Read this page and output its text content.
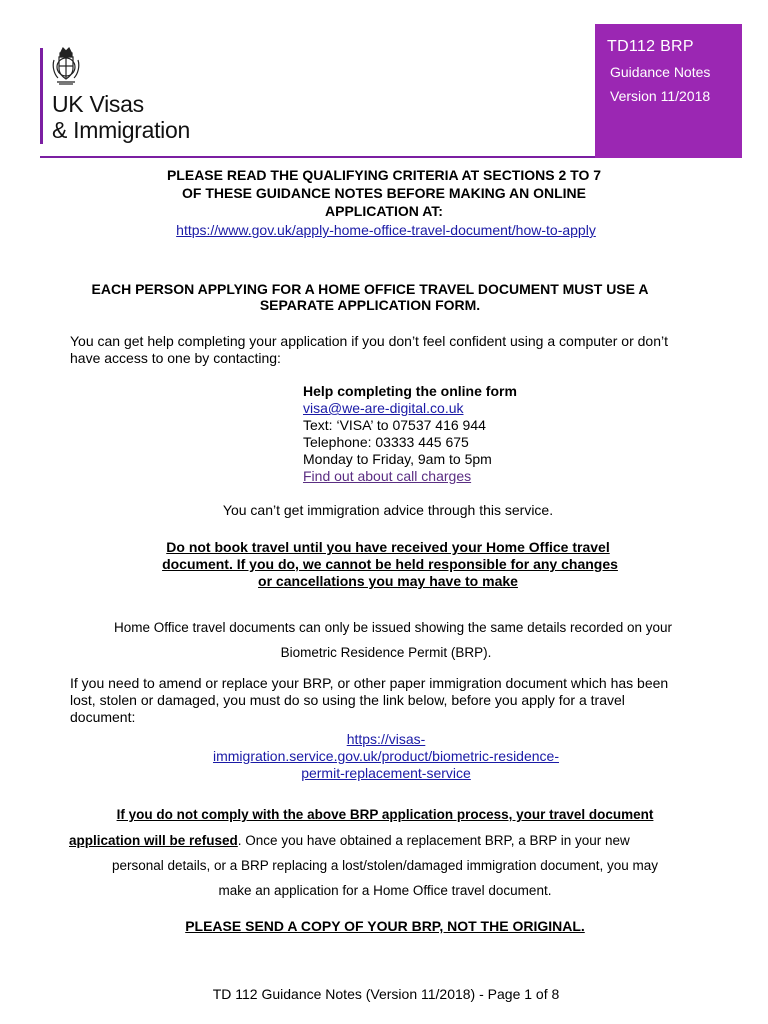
UK Visas
& Immigration
TD112 BRP
Guidance Notes
Version 11/2018
PLEASE READ THE QUALIFYING CRITERIA AT SECTIONS 2 TO 7
OF THESE GUIDANCE NOTES BEFORE MAKING AN ONLINE
APPLICATION AT:
https://www.gov.uk/apply-home-office-travel-document/how-to-apply
EACH PERSON APPLYING FOR A HOME OFFICE TRAVEL DOCUMENT MUST USE A
SEPARATE APPLICATION FORM.
You can get help completing your application if you don’t feel confident using a computer or don’t
have access to one by contacting:
Help completing the online form
visa@we-are-digital.co.uk
Text: ‘VISA’ to 07537 416 944
Telephone: 03333 445 675
Monday to Friday, 9am to 5pm
Find out about call charges
You can’t get immigration advice through this service.
Do not book travel until you have received your Home Office travel
document. If you do, we cannot be held responsible for any changes
or cancellations you may have to make
Home Office travel documents can only be issued showing the same details recorded on your
Biometric Residence Permit (BRP).
If you need to amend or replace your BRP, or other paper immigration document which has been
lost, stolen or damaged, you must do so using the link below, before you apply for a travel
document:
https://visas-
immigration.service.gov.uk/product/biometric-residence-
permit-replacement-service
If you do not comply with the above BRP application process, your travel document
application will be refused. Once you have obtained a replacement BRP, a BRP in your new
personal details, or a BRP replacing a lost/stolen/damaged immigration document, you may
make an application for a Home Office travel document.
PLEASE SEND A COPY OF YOUR BRP, NOT THE ORIGINAL.
TD 112 Guidance Notes (Version 11/2018) - Page 1 of 8
